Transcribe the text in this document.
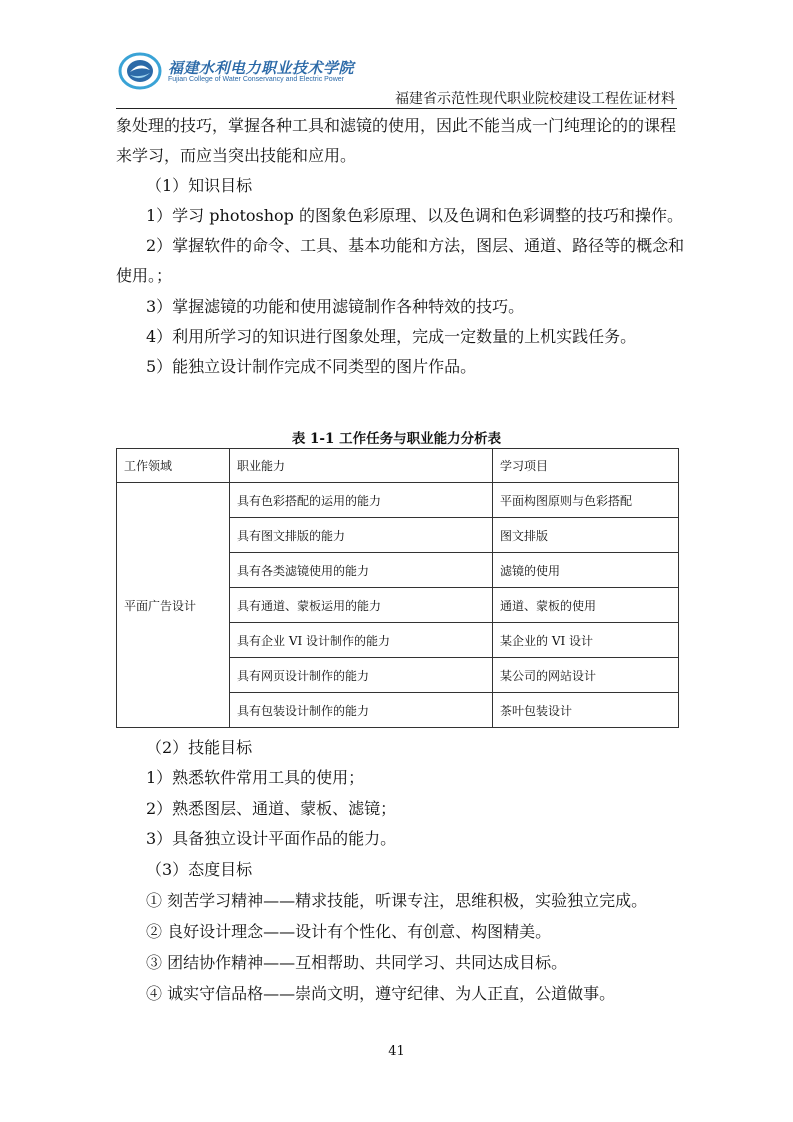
福建水利电力职业技术学院
Fujian College of Water Conservancy and Electric Power
福建省示范性现代职业院校建设工程佐证材料
象处理的技巧，掌握各种工具和滤镜的使用，因此不能当成一门纯理论的的课程
来学习，而应当突出技能和应用。
（1）知识目标
1）学习 photoshop 的图象色彩原理、以及色调和色彩调整的技巧和操作。
2）掌握软件的命令、工具、基本功能和方法，图层、通道、路径等的概念和
使用。；
3）掌握滤镜的功能和使用滤镜制作各种特效的技巧。
4）利用所学习的知识进行图象处理，完成一定数量的上机实践任务。
5）能独立设计制作完成不同类型的图片作品。
表 1-1 工作任务与职业能力分析表
工作领域	职业能力	学习项目
平面广告设计	具有色彩搭配的运用的能力	平面构图原则与色彩搭配
	具有图文排版的能力	图文排版
	具有各类滤镜使用的能力	滤镜的使用
	具有通道、蒙板运用的能力	通道、蒙板的使用
	具有企业 VI 设计制作的能力	某企业的 VI 设计
	具有网页设计制作的能力	某公司的网站设计
	具有包装设计制作的能力	茶叶包装设计
（2）技能目标
1）熟悉软件常用工具的使用；
2）熟悉图层、通道、蒙板、滤镜；
3）具备独立设计平面作品的能力。
（3）态度目标
① 刻苦学习精神——精求技能，听课专注，思维积极，实验独立完成。
② 良好设计理念——设计有个性化、有创意、构图精美。
③ 团结协作精神——互相帮助、共同学习、共同达成目标。
④ 诚实守信品格——崇尚文明，遵守纪律、为人正直，公道做事。
41
